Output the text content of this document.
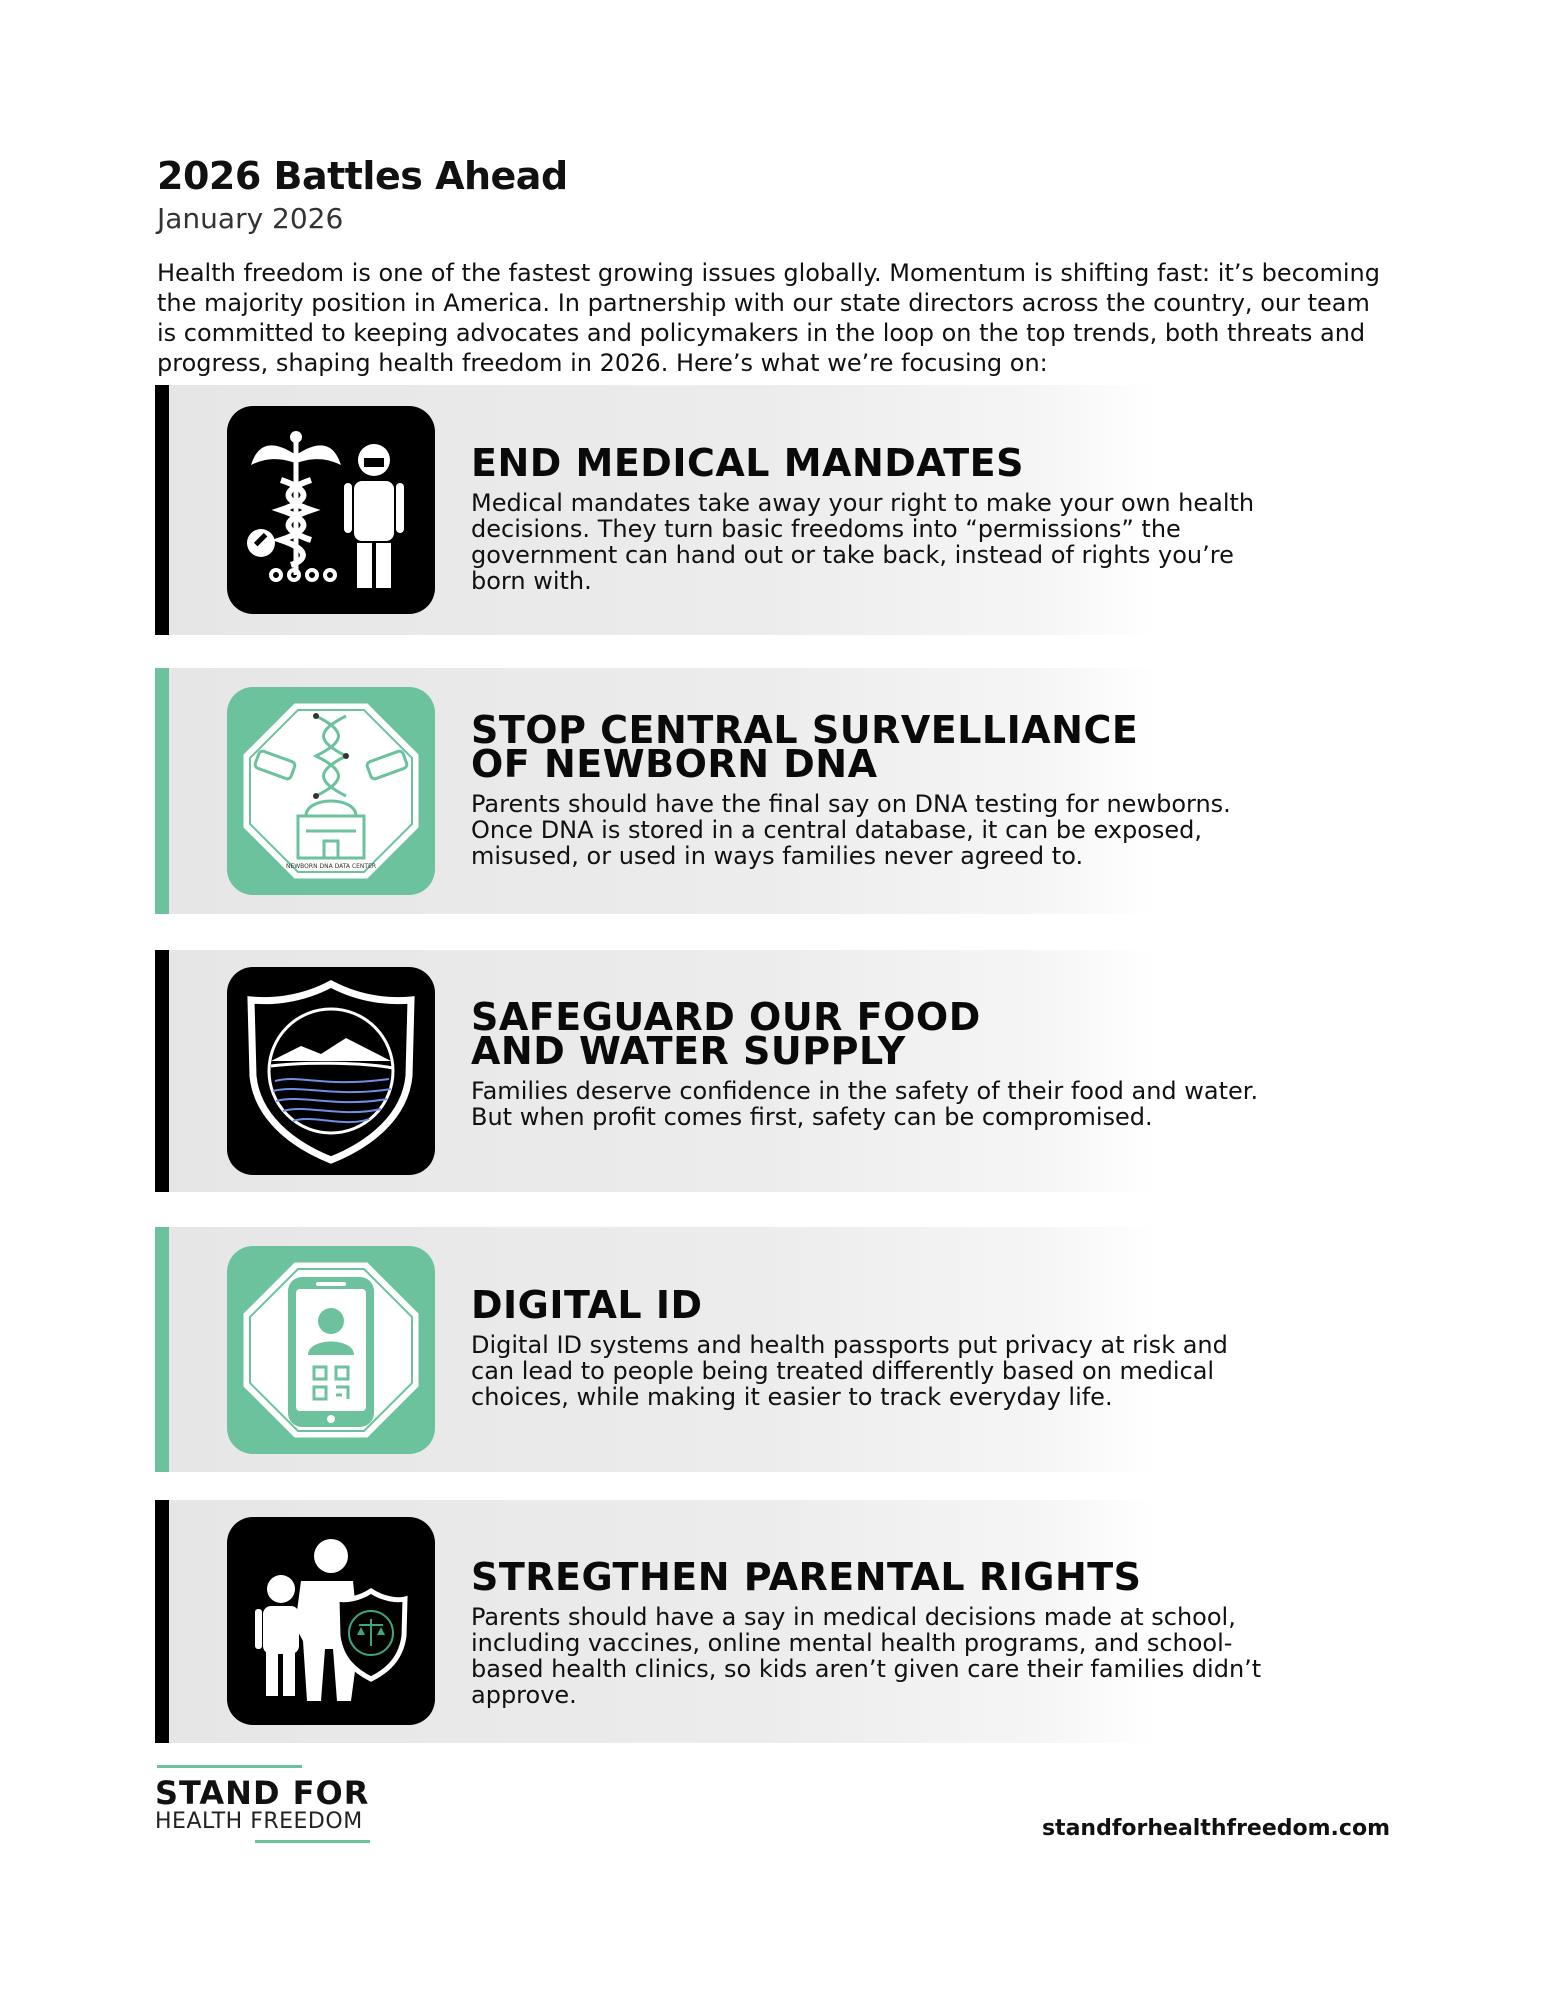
2026 Battles Ahead
January 2026

Health freedom is one of the fastest growing issues globally. Momentum is shifting fast: it’s becoming the majority position in America. In partnership with our state directors across the country, our team is committed to keeping advocates and policymakers in the loop on the top trends, both threats and progress, shaping health freedom in 2026. Here’s what we’re focusing on:

END MEDICAL MANDATES

Medical mandates take away your right to make your own health decisions. They turn basic freedoms into “permissions” the government can hand out or take back, instead of rights you’re born with.

NEWBORN DNA DATA CENTER
STOP CENTRAL SURVELLIANCE
OF NEWBORN DNA

Parents should have the final say on DNA testing for newborns. Once DNA is stored in a central database, it can be exposed, misused, or used in ways families never agreed to.

SAFEGUARD OUR FOOD
AND WATER SUPPLY

Families deserve confidence in the safety of their food and water. But when profit comes first, safety can be compromised.

DIGITAL ID

Digital ID systems and health passports put privacy at risk and can lead to people being treated differently based on medical choices, while making it easier to track everyday life.

STREGTHEN PARENTAL RIGHTS

Parents should have a say in medical decisions made at school, including vaccines, online mental health programs, and school-based health clinics, so kids aren’t given care their families didn’t approve.

STAND FOR
HEALTH FREEDOM	standforhealthfreedom.com
